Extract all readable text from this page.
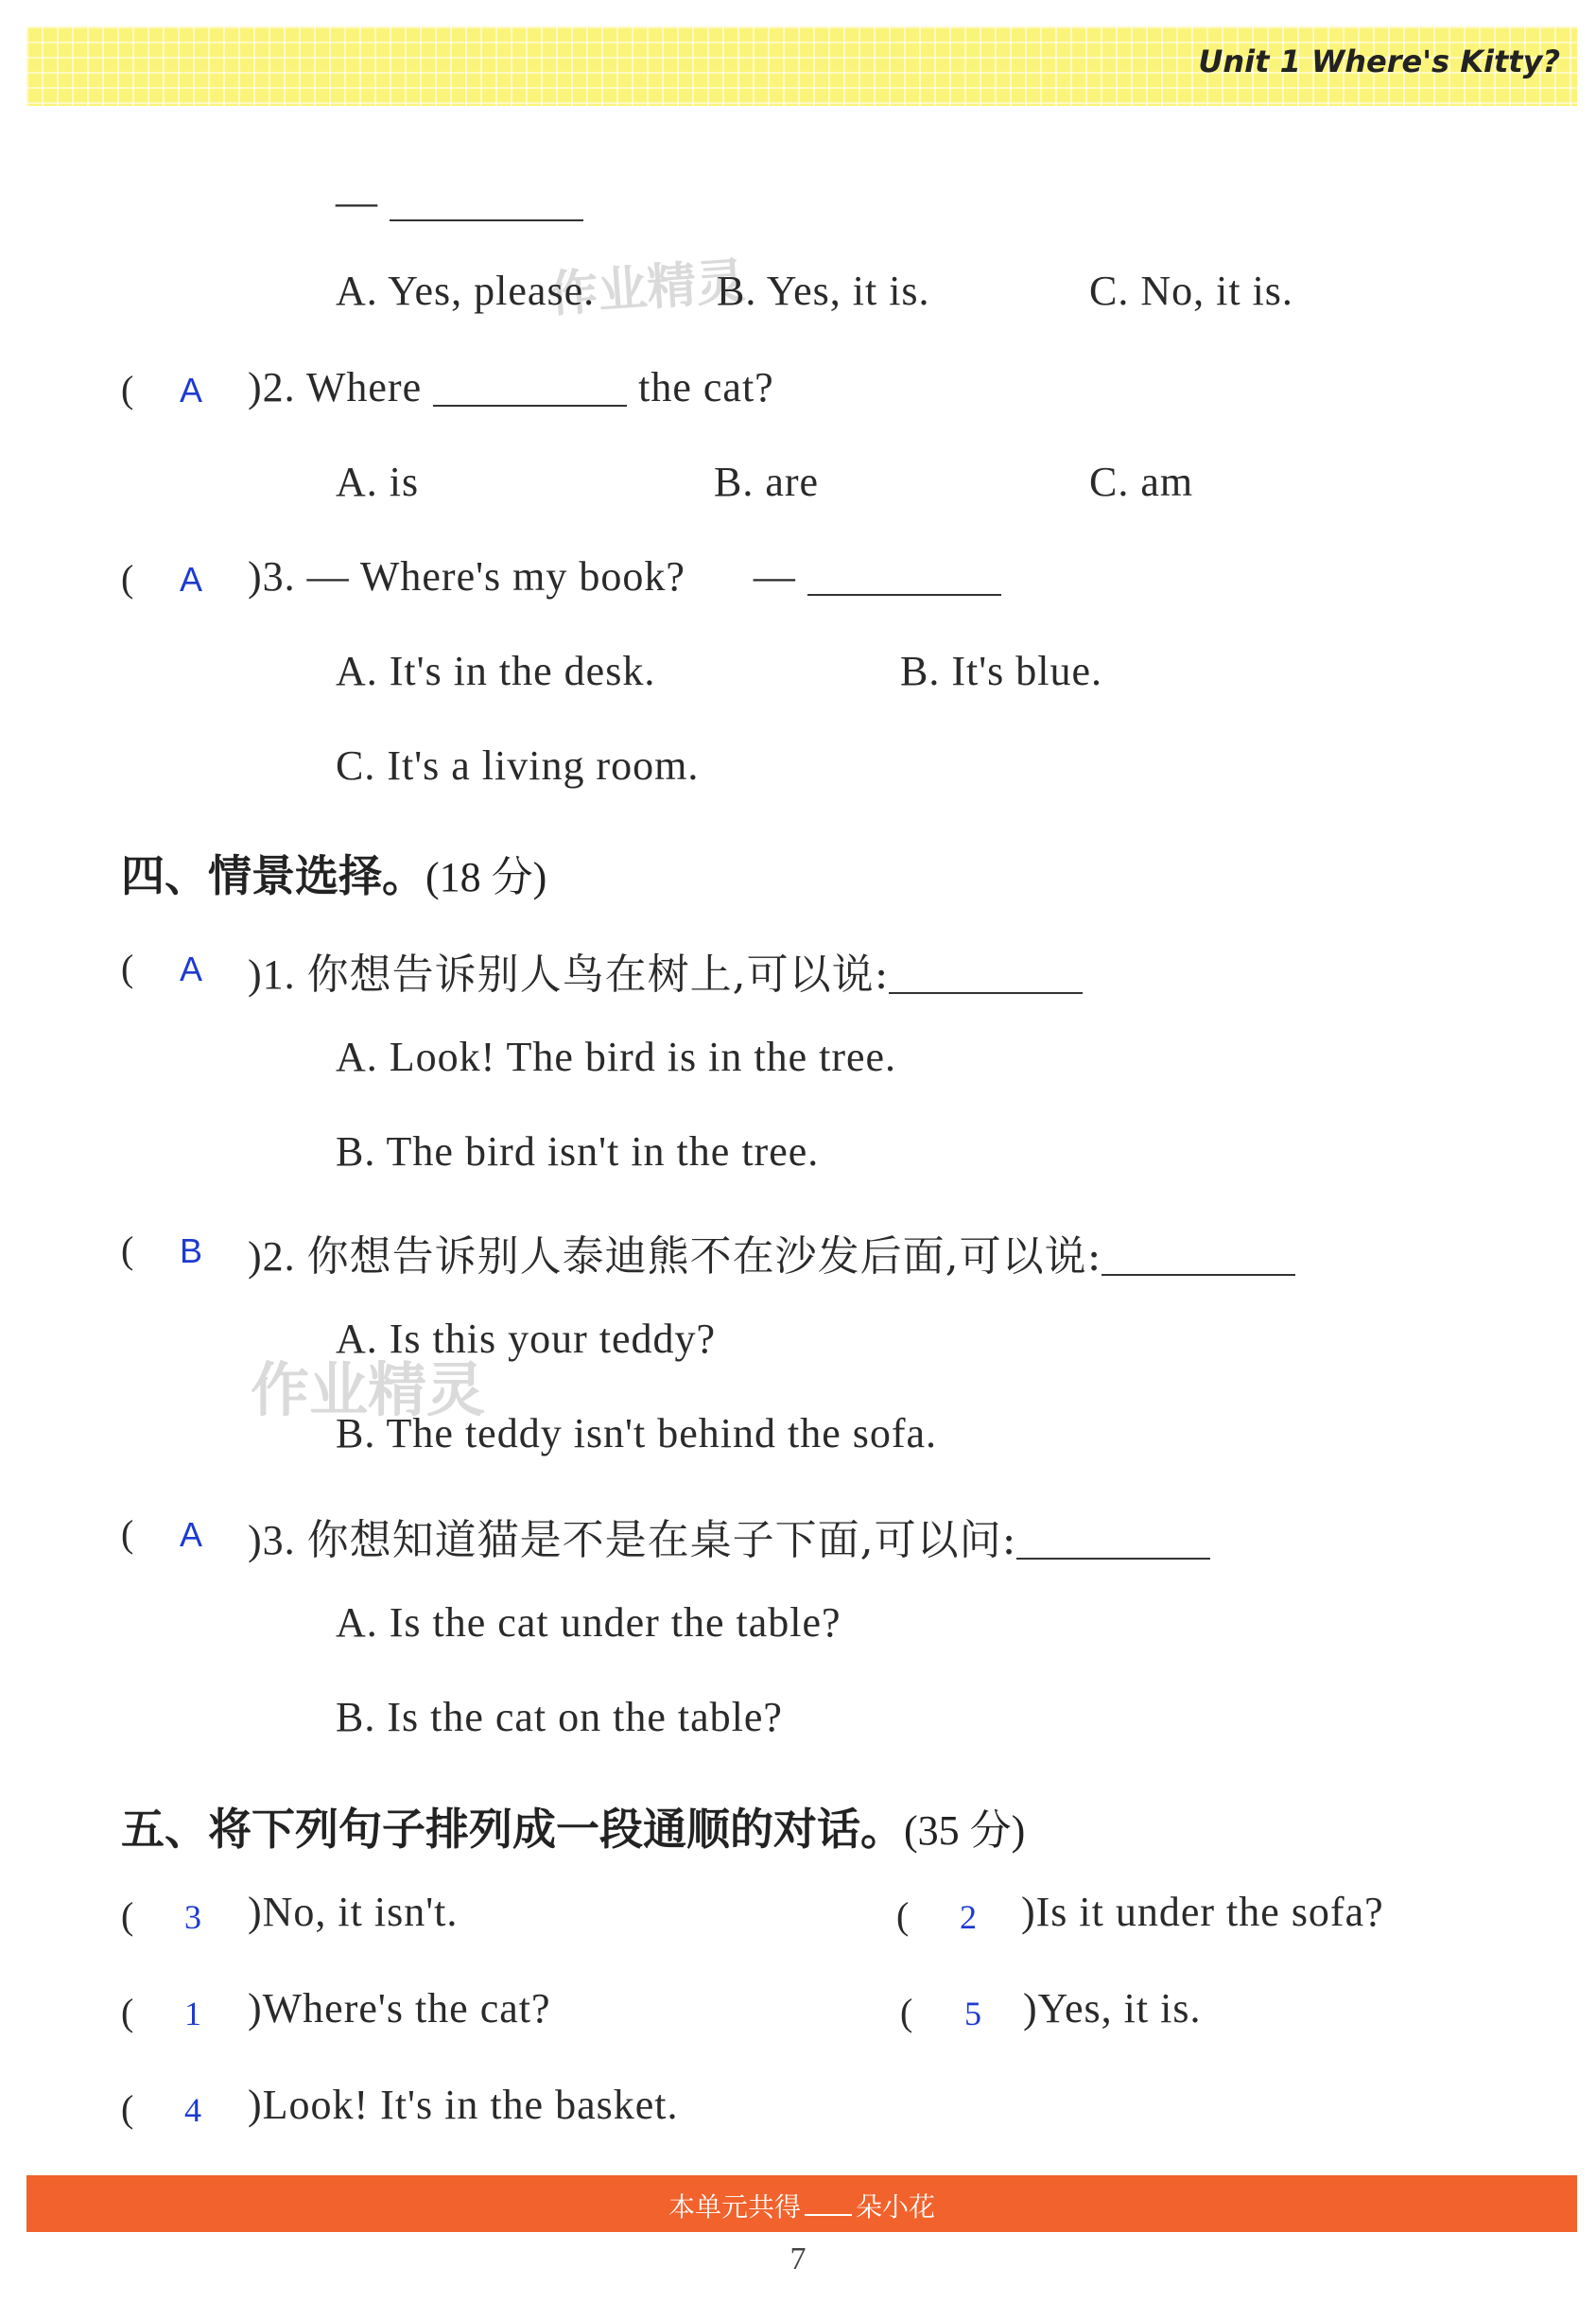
Unit 1 Where's Kitty?
作业精灵
作业精灵
—
A. Yes, please.	B. Yes, it is.	C. No, it is.
( A )2. Where	the cat?
A. is	B. are	C. am
( A )3. — Where's my book? —
A. It's in the desk.	B. It's blue.
C. It's a living room.
四、情景选择。(18 分)
( A )1. 你想告诉别人鸟在树上,可以说:
A. Look! The bird is in the tree.
B. The bird isn't in the tree.
( B )2. 你想告诉别人泰迪熊不在沙发后面,可以说:
A. Is this your teddy?
B. The teddy isn't behind the sofa.
( A )3. 你想知道猫是不是在桌子下面,可以问:
A. Is the cat under the table?
B. Is the cat on the table?
五、将下列句子排列成一段通顺的对话。(35 分)
( 3 )No, it isn't.	( 2 )Is it under the sofa?
( 1 )Where's the cat?	( 5 )Yes, it is.
( 4 )Look! It's in the basket.
本单元共得 朵小花
7
